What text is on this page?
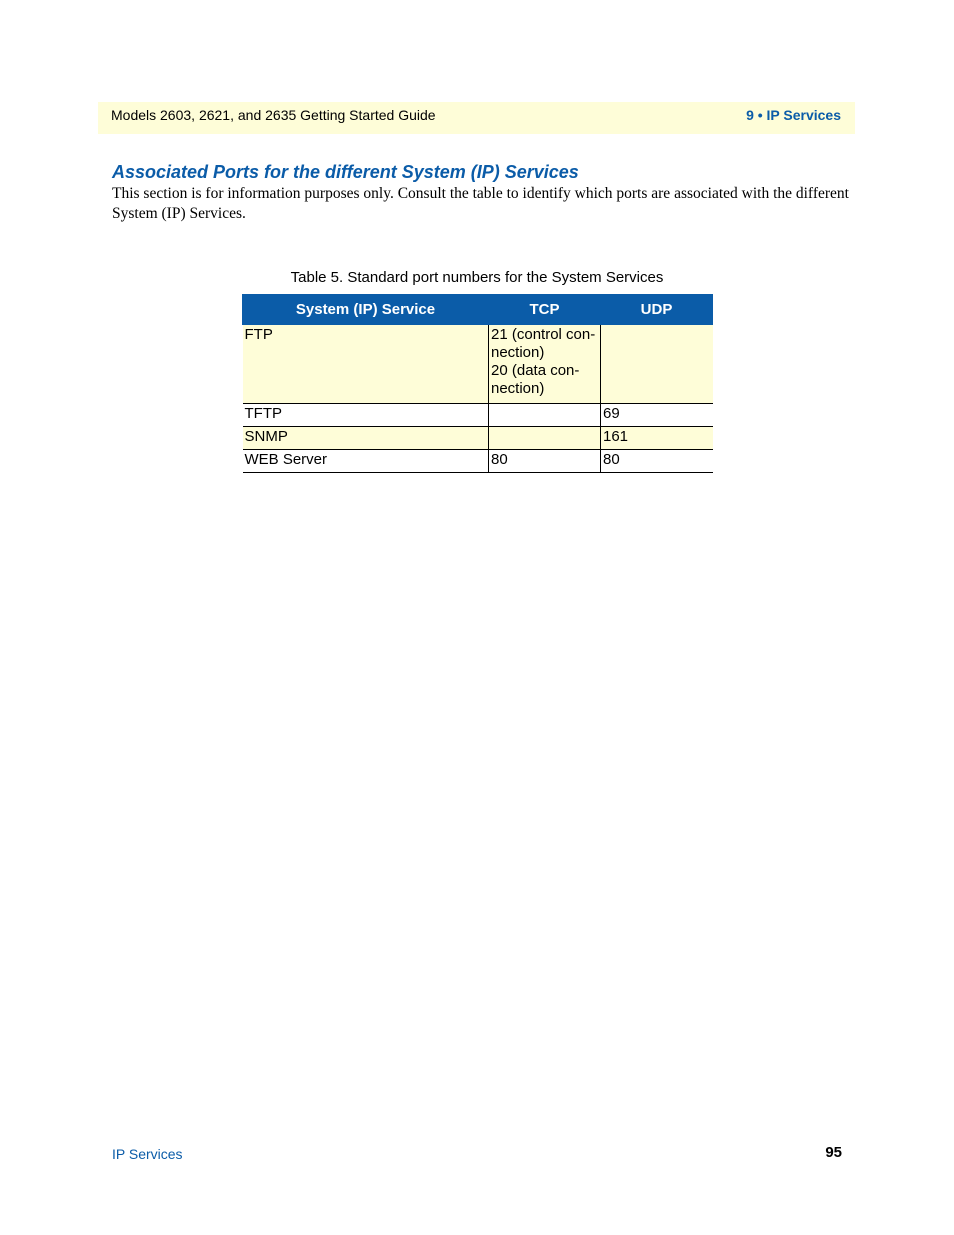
Models 2603, 2621, and 2635 Getting Started Guide	9 • IP Services
Associated Ports for the different System (IP) Services

This section is for information purposes only. Consult the table to identify which ports are associated with the different System (IP) Services.

Table 5. Standard port numbers for the System Services
System (IP) Service	TCP	UDP
FTP	21 (control con-
nection)
20 (data con-
nection)	
TFTP		69
SNMP		161
WEB Server	80	80
IP Services	95
